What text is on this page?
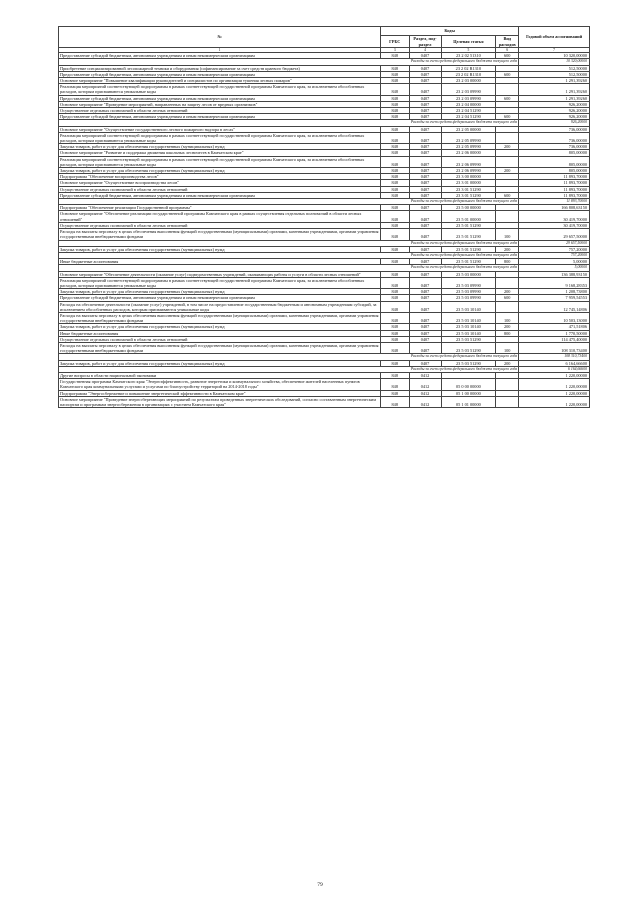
№	Коды				Годовой объем ассигнований
	ГРБС	Раздел, под-раздел	Целевая статья	Вид расходов	
1	3	4	5	6	7
Предоставление субсидий бюджетным, автономным учреждениям и иным некоммерческим организациям	848	0407	23 2 02 51310	600	10 320,00000
Расходы за счет средств федерального бюджета текущего года					10 320,00000
Приобретение специализированной лесопожарной техники и оборудования (софинансирование за счет средств краевого бюджета)	848	0407	23 2 02 R1310		512,50000
Предоставление субсидий бюджетным, автономным учреждениям и иным некоммерческим организациям	848	0407	23 2 02 R1310	600	512,50000
Основное мероприятие "Повышение квалификации руководителей и специалистов по организации тушения лесных пожаров"	848	0407	23 2 03 00000		1 291,39260
Реализация мероприятий соответствующей подпрограммы в рамках соответствующей государственной программы Камчатского края, за исключением обособленных расходов, которым присваиваются уникальные коды	848	0407	23 2 03 09990		1 291,39260
Предоставление субсидий бюджетным, автономным учреждениям и иным некоммерческим организациям	848	0407	23 2 03 09990	600	1 291,39260
Основное мероприятие "Проведение мероприятий, направленных на защиту лесов от вредных организмов"	848	0407	23 2 04 00000		926,20000
Осуществление отдельных полномочий в области лесных отношений	848	0407	23 2 04 51290		926,20000
Предоставление субсидий бюджетным, автономным учреждениям и иным некоммерческим организациям	848	0407	23 2 04 51290	600	926,20000
Расходы за счет средств федерального бюджета текущего года					926,20000
Основное мероприятие "Осуществление государственного лесного пожарного надзора в лесах"	848	0407	23 2 05 00000		736,00000
Реализация мероприятий соответствующей подпрограммы в рамках соответствующей государственной программы Камчатского края, за исключением обособленных расходов, которым присваиваются уникальные коды	848	0407	23 2 05 09990		736,00000
Закупка товаров, работ и услуг для обеспечения государственных (муниципальных) нужд	848	0407	23 2 05 09990	200	736,00000
Основное мероприятие "Развитие и поддержка движения школьных лесничеств в Камчатском крае"	848	0407	23 2 06 00000		805,00000
Реализация мероприятий соответствующей подпрограммы в рамках соответствующей государственной программы Камчатского края, за исключением обособленных расходов, которым присваиваются уникальные коды	848	0407	23 2 06 09990		805,00000
Закупка товаров, работ и услуг для обеспечения государственных (муниципальных) нужд	848	0407	23 2 06 09990	200	805,00000
Подпрограмма "Обеспечение воспроизводства лесов"	848	0407	23 3 00 00000		11 893,70000
Основное мероприятие "Осуществление воспроизводства лесов"	848	0407	23 3 01 00000		11 893,70000
Осуществление отдельных полномочий в области лесных отношений	848	0407	23 3 01 51290		11 893,70000
Предоставление субсидий бюджетным, автономным учреждениям и иным некоммерческим организациям	848	0407	23 3 01 51290	600	11 893,70000
Расходы за счет средств федерального бюджета текущего года					11 893,70000
Подпрограмма "Обеспечение реализации Государственной программы"	848	0407	23 5 00 00000		166 808,63150
Основное мероприятие "Обеспечение реализации государственной программы Камчатского края в рамках осуществления отдельных полномочий в области лесных отношений"	848	0407	23 5 01 00000		30 419,70000
Осуществление отдельных полномочий в области лесных отношений	848	0407	23 5 01 51290		30 419,70000
Расходы на выплаты персоналу в целях обеспечения выполнения функций государственными (муниципальными) органами, казенными учреждениями, органами управления государственными внебюджетными фондами	848	0407	23 5 01 51290	100	29 657,50000
Расходы за счет средств федерального бюджета текущего года					29 657,50000
Закупка товаров, работ и услуг для обеспечения государственных (муниципальных) нужд	848	0407	23 5 01 51290	200	757,20000
Расходы за счет средств федерального бюджета текущего года					757,20000
Иные бюджетные ассигнования	848	0407	23 5 01 51290	800	5,00000
Расходы за счет средств федерального бюджета текущего года					5,00000
Основное мероприятие "Обеспечение деятельности (оказание услуг) подведомственных учреждений, оказывающих работы и услуги в области лесных отношений"	848	0407	23 5 03 00000		136 388,93150
Реализация мероприятий соответствующей подпрограммы в рамках соответствующей государственной программы Камчатского края, за исключением обособленных расходов, которым присваиваются уникальные коды	848	0407	23 5 03 09990		9 168,28353
Закупка товаров, работ и услуг для обеспечения государственных (муниципальных) нужд	848	0407	23 5 03 09990	200	1 208,73800
Предоставление субсидий бюджетным, автономным учреждениям и иным некоммерческим организациям	848	0407	23 5 03 09990	600	7 959,54553
Расходы на обеспечение деятельности (оказание услуг) учреждений, в том числе на предоставление государственным бюджетным и автономным учреждениям субсидий, за исключением обособленных расходов, которым присваиваются уникальные коды	848	0407	23 5 03 10140		12 745,14806
Расходы на выплаты персоналу в целях обеспечения выполнения функций государственными (муниципальными) органами, казенными учреждениями, органами управления государственными внебюджетными фондами	848	0407	23 5 03 10140	100	10 503,13000
Закупка товаров, работ и услуг для обеспечения государственных (муниципальных) нужд	848	0407	23 5 03 10140	200	471,51806
Иные бюджетные ассигнования	848	0407	23 5 03 10140	800	1 770,50000
Осуществление отдельных полномочий в области лесных отношений	848	0407	23 5 03 51290		114 475,40000
Расходы на выплаты персоналу в целях обеспечения выполнения функций государственными (муниципальными) органами, казенными учреждениями, органами управления государственными внебюджетными фондами	848	0407	23 5 03 51290	100	108 310,73400
Расходы за счет средств федерального бюджета текущего года					108 310,73400
Закупка товаров, работ и услуг для обеспечения государственных (муниципальных) нужд	848	0407	23 5 03 51290	200	6 164,66600
Расходы за счет средств федерального бюджета текущего года					6 164,66600
Другие вопросы в области национальной экономики	848	0412			1 220,00000
Государственная программа Камчатского края "Энергоэффективность, развитие энергетики и коммунального хозяйства, обеспечение жителей населенных пунктов Камчатского края коммунальными услугами и услугами по благоустройству территорий на 2014-2018 годы"	848	0412	05 0 00 00000		1 220,00000
Подпрограмма "Энергосбережение и повышение энергетической эффективности в Камчатском крае"	848	0412	05 1 00 00000		1 220,00000
Основное мероприятие "Проведение энергосберегающих мероприятий по результатам проведенных энергетических обследований, согласно составленным энергетическим паспортам и программам энергосбережения в организациях с участием Камчатского края"	848	0412	05 1 01 00000		1 220,00000
79
